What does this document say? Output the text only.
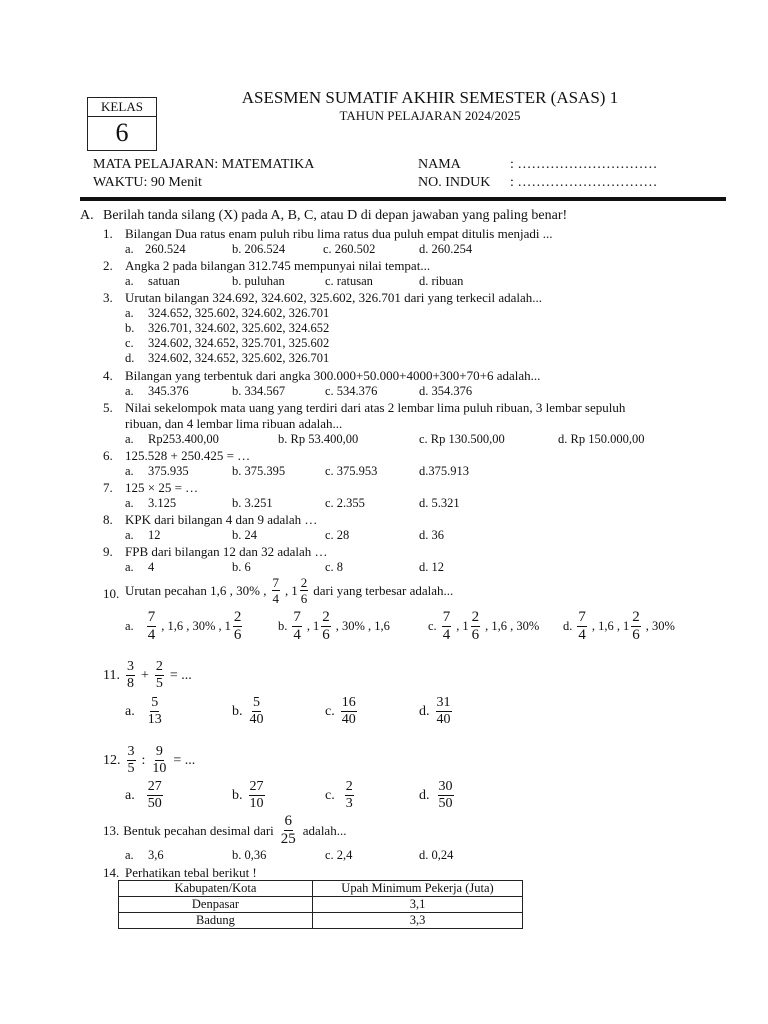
KELAS
6
ASESMEN SUMATIF AKHIR SEMESTER (ASAS) 1
TAHUN PELAJARAN 2024/2025
MATA PELAJARAN: MATEMATIKA
WAKTU: 90 Menit
NAMA	: …………………………
NO. INDUK : …………………………
A. Berilah tanda silang (X) pada A, B, C, atau D di depan jawaban yang paling benar!
1. Bilangan Dua ratus enam puluh ribu lima ratus dua puluh empat ditulis menjadi ...
a. 260.524	b. 206.524	c. 260.502	d. 260.254
2. Angka 2 pada bilangan 312.745 mempunyai nilai tempat...
a. satuan	b. puluhan	c. ratusan	d. ribuan
3. Urutan bilangan 324.692, 324.602, 325.602, 326.701 dari yang terkecil adalah...
a. 324.652, 325.602, 324.602, 326.701
b. 326.701, 324.602, 325.602, 324.652
c. 324.602, 324.652, 325.701, 325.602
d. 324.602, 324.652, 325.602, 326.701
4. Bilangan yang terbentuk dari angka 300.000+50.000+4000+300+70+6 adalah...
a. 345.376	b. 334.567	c. 534.376	d. 354.376
5. Nilai sekelompok mata uang yang terdiri dari atas 2 lembar lima puluh ribuan, 3 lembar sepuluh
ribuan, dan 4 lembar lima ribuan adalah...
a. Rp253.400,00	b. Rp 53.400,00	c. Rp 130.500,00	d. Rp 150.000,00
6. 125.528 + 250.425 = …
a. 375.935	b. 375.395	c. 375.953	d.375.913
7. 125 × 25 = …
a. 3.125	b. 3.251	c. 2.355	d. 5.321
8. KPK dari bilangan 4 dan 9 adalah …
a. 12	b. 24	c. 28	d. 36
9. FPB dari bilangan 12 dan 32 adalah …
a. 4	b. 6	c. 8	d. 12
10. Urutan pecahan 1,6 , 30% , $\frac{7}{4}$ , $1 \frac{2}{6}$ dari yang terbesar adalah...
a. $\frac{7}{4}$ , 1,6 , 30% , $1 \frac{2}{6}$	b. $\frac{7}{4}$ , $1 \frac{2}{6}$ , 30% , 1,6	c. $\frac{7}{4}$ , $1 \frac{2}{6}$ , 1,6 , 30% d. $\frac{7}{4}$ , 1,6 , $1 \frac{2}{6}$ , 30%
11. $\frac{3}{8} + \frac{2}{5}$ = ...
a. $\frac{5}{13}$	b. $\frac{5}{40}$	c. $\frac{16}{40}$	d. $\frac{31}{40}$
12. $\frac{3}{5}$ : $\frac{9}{10}$ = ...
a. $\frac{27}{50}$	b. $\frac{27}{10}$	c. $\frac{2}{3}$	d. $\frac{30}{50}$
13. Bentuk pecahan desimal dari $\frac{6}{25}$ adalah...
a. 3,6	b. 0,36	c. 2,4	d. 0,24
14. Perhatikan tebal berikut !
Kabupaten/Kota	Upah Minimum Pekerja (Juta)
Denpasar	3,1
Badung	3,3
